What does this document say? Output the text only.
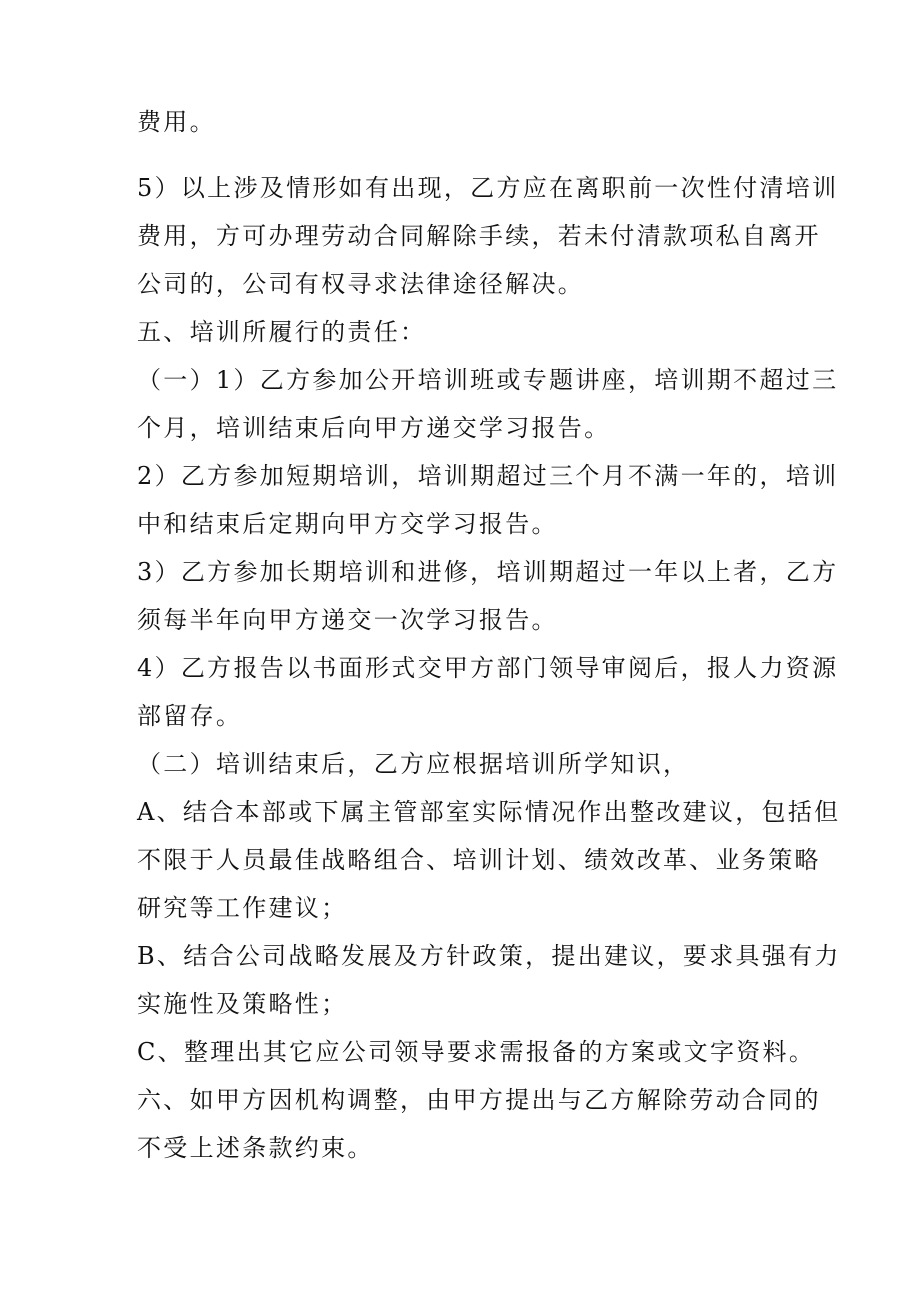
费用。

5）以上涉及情形如有出现，乙方应在离职前一次性付清培训

费用，方可办理劳动合同解除手续，若未付清款项私自离开

公司的，公司有权寻求法律途径解决。

五、培训所履行的责任：

（一）1）乙方参加公开培训班或专题讲座，培训期不超过三

个月，培训结束后向甲方递交学习报告。

2）乙方参加短期培训，培训期超过三个月不满一年的，培训

中和结束后定期向甲方交学习报告。

3）乙方参加长期培训和进修，培训期超过一年以上者，乙方

须每半年向甲方递交一次学习报告。

4）乙方报告以书面形式交甲方部门领导审阅后，报人力资源

部留存。

（二）培训结束后，乙方应根据培训所学知识，

A、结合本部或下属主管部室实际情况作出整改建议，包括但

不限于人员最佳战略组合、培训计划、绩效改革、业务策略

研究等工作建议；

B、结合公司战略发展及方针政策，提出建议，要求具强有力

实施性及策略性；

C、整理出其它应公司领导要求需报备的方案或文字资料。

六、如甲方因机构调整，由甲方提出与乙方解除劳动合同的

不受上述条款约束。
